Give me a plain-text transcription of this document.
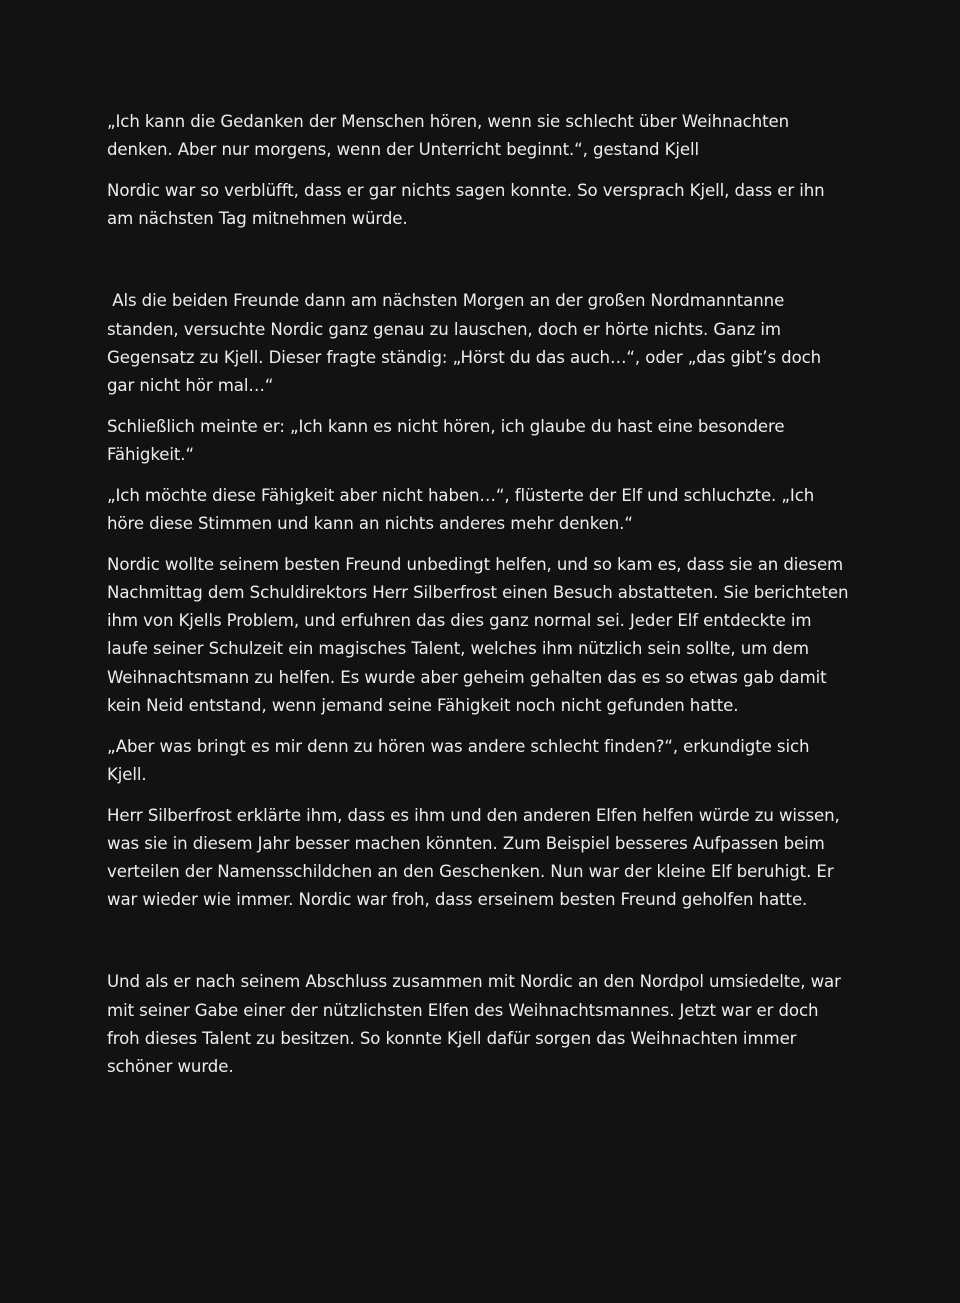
„Ich kann die Gedanken der Menschen hören, wenn sie schlecht über Weihnachten denken. Aber nur morgens, wenn der Unterricht beginnt.“, gestand Kjell

Nordic war so verblüfft, dass er gar nichts sagen konnte. So versprach Kjell, dass er ihn am nächsten Tag mitnehmen würde.

Als die beiden Freunde dann am nächsten Morgen an der großen Nordmanntanne standen, versuchte Nordic ganz genau zu lauschen, doch er hörte nichts. Ganz im Gegensatz zu Kjell. Dieser fragte ständig: „Hörst du das auch…“, oder „das gibt’s doch gar nicht hör mal…“

Schließlich meinte er: „Ich kann es nicht hören, ich glaube du hast eine besondere Fähigkeit.“

„Ich möchte diese Fähigkeit aber nicht haben…“, flüsterte der Elf und schluchzte. „Ich höre diese Stimmen und kann an nichts anderes mehr denken.“

Nordic wollte seinem besten Freund unbedingt helfen, und so kam es, dass sie an diesem Nachmittag dem Schuldirektors Herr Silberfrost einen Besuch abstatteten. Sie berichteten ihm von Kjells Problem, und erfuhren das dies ganz normal sei. Jeder Elf entdeckte im laufe seiner Schulzeit ein magisches Talent, welches ihm nützlich sein sollte, um dem Weihnachtsmann zu helfen. Es wurde aber geheim gehalten das es so etwas gab damit kein Neid entstand, wenn jemand seine Fähigkeit noch nicht gefunden hatte.

„Aber was bringt es mir denn zu hören was andere schlecht finden?“, erkundigte sich Kjell.

Herr Silberfrost erklärte ihm, dass es ihm und den anderen Elfen helfen würde zu wissen, was sie in diesem Jahr besser machen könnten. Zum Beispiel besseres Aufpassen beim verteilen der Namensschildchen an den Geschenken. Nun war der kleine Elf beruhigt. Er war wieder wie immer. Nordic war froh, dass erseinem besten Freund geholfen hatte.

Und als er nach seinem Abschluss zusammen mit Nordic an den Nordpol umsiedelte, war mit seiner Gabe einer der nützlichsten Elfen des Weihnachtsmannes. Jetzt war er doch froh dieses Talent zu besitzen. So konnte Kjell dafür sorgen das Weihnachten immer schöner wurde.
